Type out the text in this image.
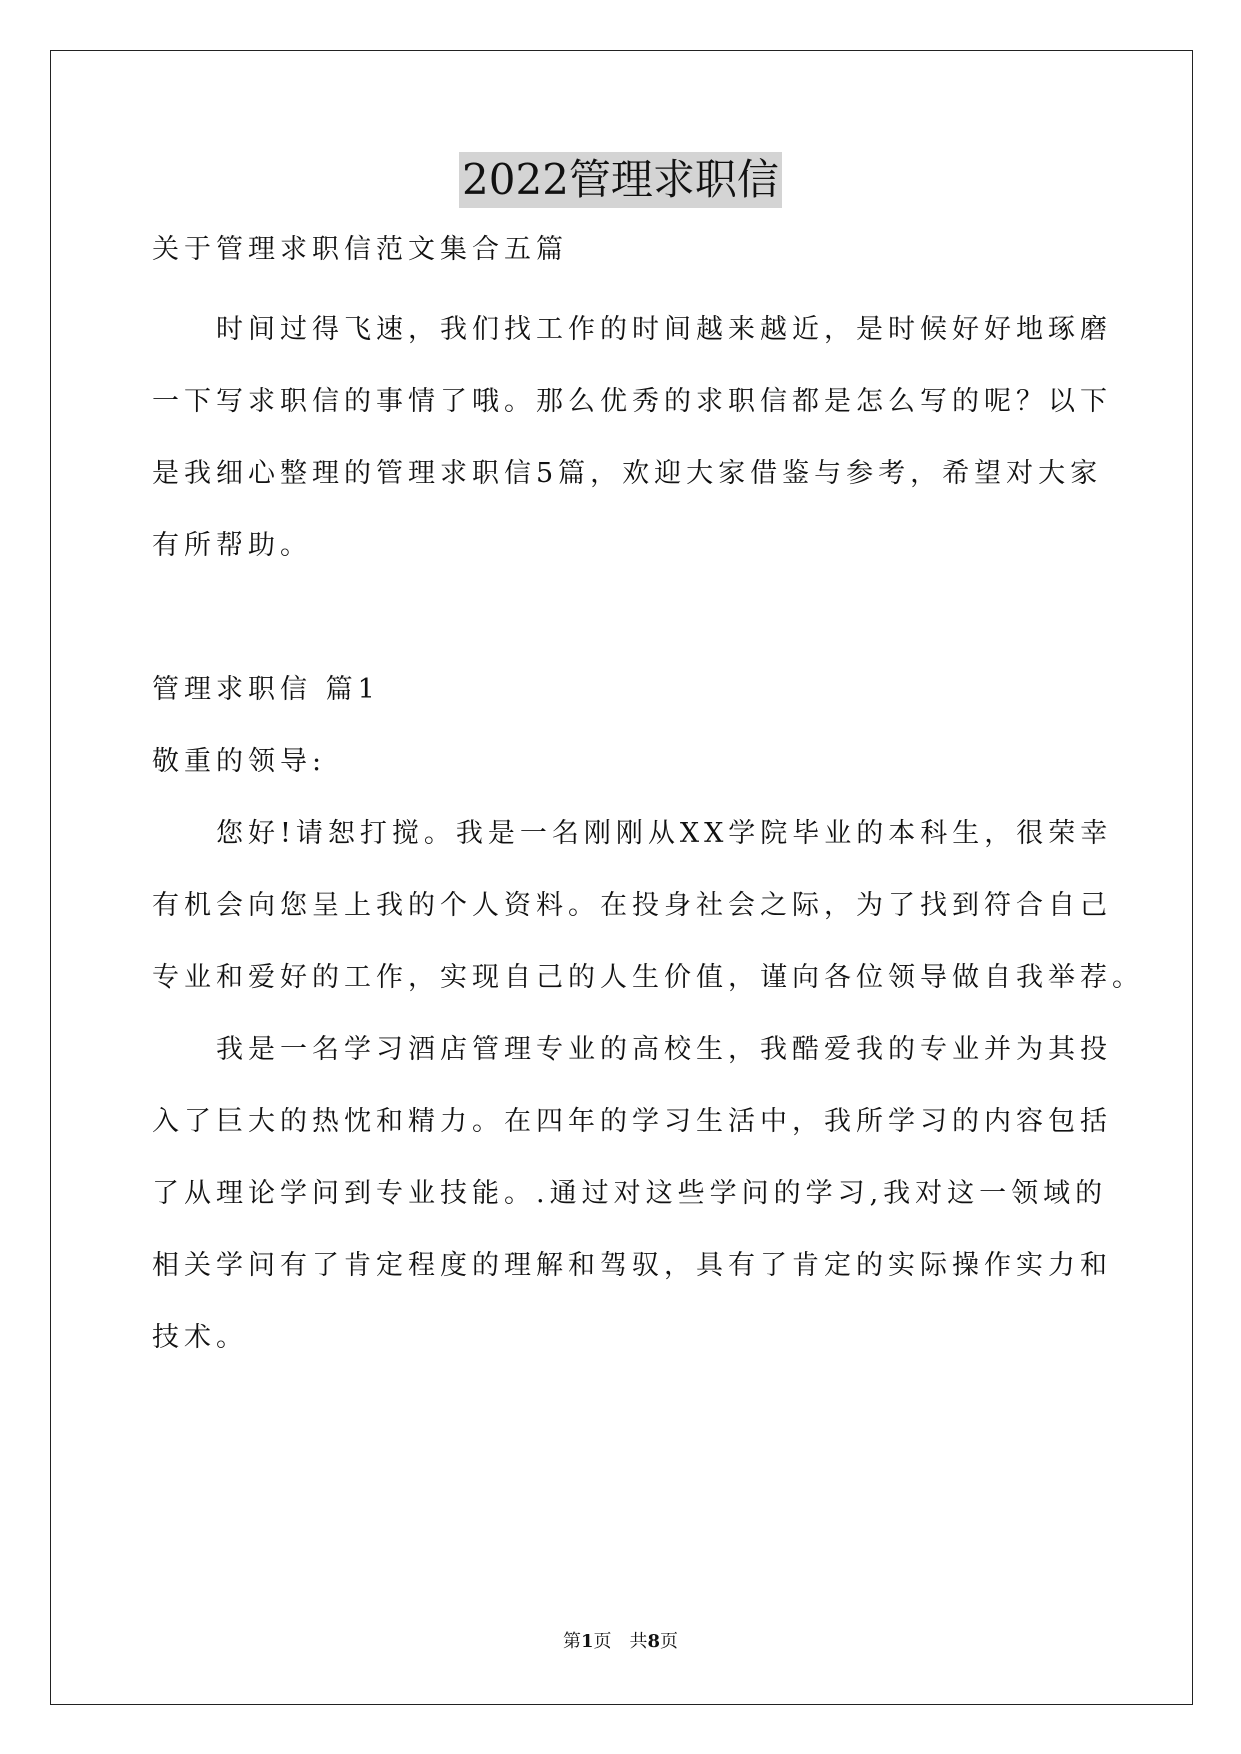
2022管理求职信
关于管理求职信范文集合五篇
　　时间过得飞速，我们找工作的时间越来越近，是时候好好地琢磨
一下写求职信的事情了哦。那么优秀的求职信都是怎么写的呢？以下
是我细心整理的管理求职信5篇，欢迎大家借鉴与参考，希望对大家
有所帮助。
管理求职信 篇1
敬重的领导:
　　您好!请恕打搅。我是一名刚刚从XX学院毕业的本科生，很荣幸
有机会向您呈上我的个人资料。在投身社会之际，为了找到符合自己
专业和爱好的工作，实现自己的人生价值，谨向各位领导做自我举荐。
　　我是一名学习酒店管理专业的高校生，我酷爱我的专业并为其投
入了巨大的热忱和精力。在四年的学习生活中，我所学习的内容包括
了从理论学问到专业技能。.通过对这些学问的学习,我对这一领域的
相关学问有了肯定程度的理解和驾驭，具有了肯定的实际操作实力和
技术。
第1页　 共8页
